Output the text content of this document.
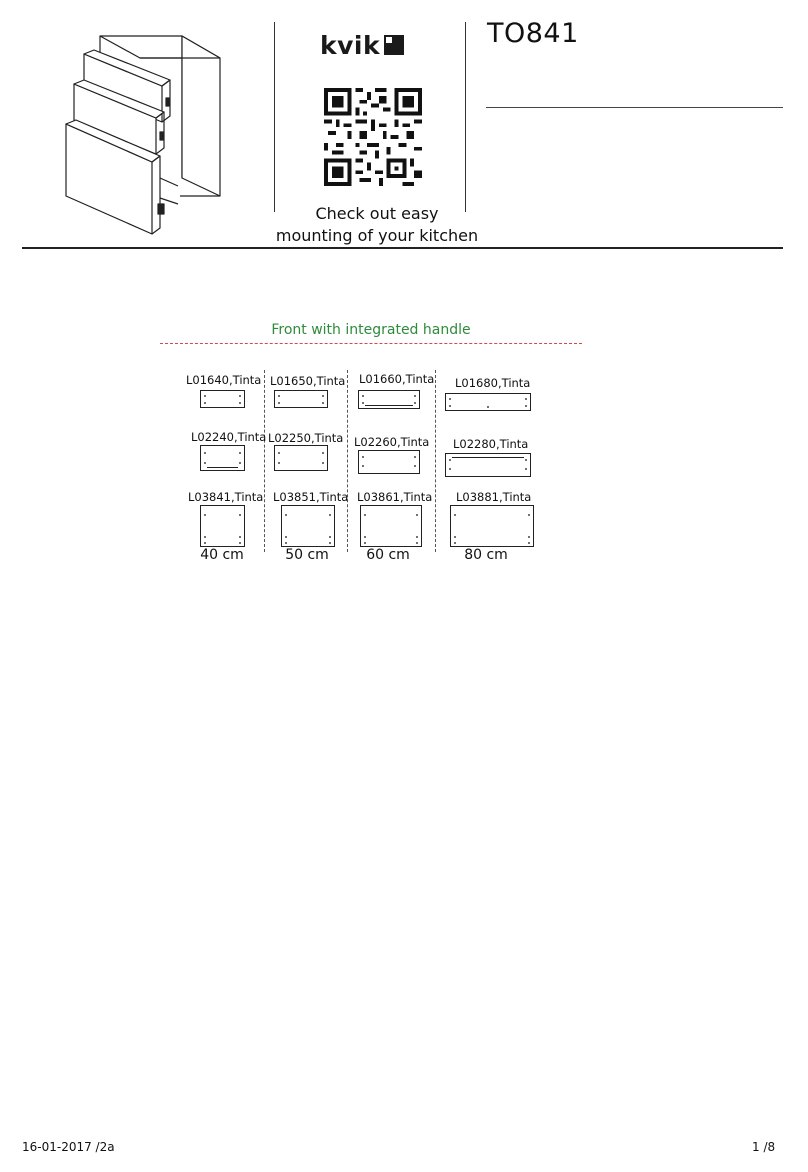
kvik
Check out easy
mounting of your kitchen
TO841
Front with integrated handle
L01640,Tinta L01650,Tinta L01660,Tinta L01680,Tinta
L02240,Tinta L02250,Tinta L02260,Tinta L02280,Tinta
L03841,Tinta L03851,Tinta L03861,Tinta L03881,Tinta
40 cm	50 cm	60 cm	80 cm
16-01-2017 /2a	1 /8
